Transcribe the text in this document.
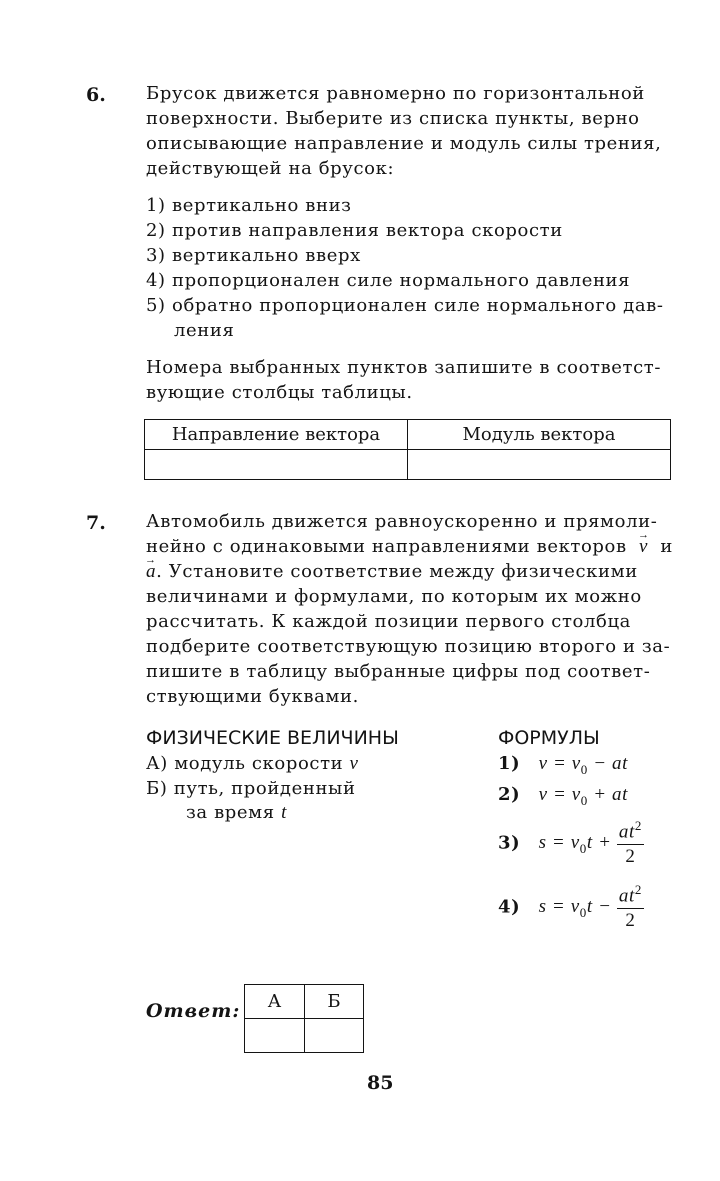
6. Брусок движется равномерно по горизонтальной
поверхности. Выберите из списка пункты, верно
описывающие направление и модуль силы трения,
действующей на брусок:
1) вертикально вниз
2) против направления вектора скорости
3) вертикально вверх
4) пропорционален силе нормального давления
5) обратно пропорционален силе нормального дав-
ления
Номера выбранных пунктов запишите в соответст-
вующие столбцы таблицы.
Направление вектора	Модуль вектора

7. Автомобиль движется равноускоренно и прямоли-
нейно с одинаковыми направлениями векторов → v и
→ a. Установите соответствие между физическими
величинами и формулами, по которым их можно
рассчитать. К каждой позиции первого столбца
подберите соответствующую позицию второго и за-
пишите в таблицу выбранные цифры под соответ-
ствующими буквами.
ФИЗИЧЕСКИЕ ВЕЛИЧИНЫ	ФОРМУЛЫ
А) модуль скорости v
Б) путь, пройденный
за время t
1) $v = v_0$ − at
2) $v = v_0$ + at
3) $s = v_0t + \frac{at^2}{2}$
4) $s = v_0t - \frac{at^2}{2}$
Ответ: А	Б

85
